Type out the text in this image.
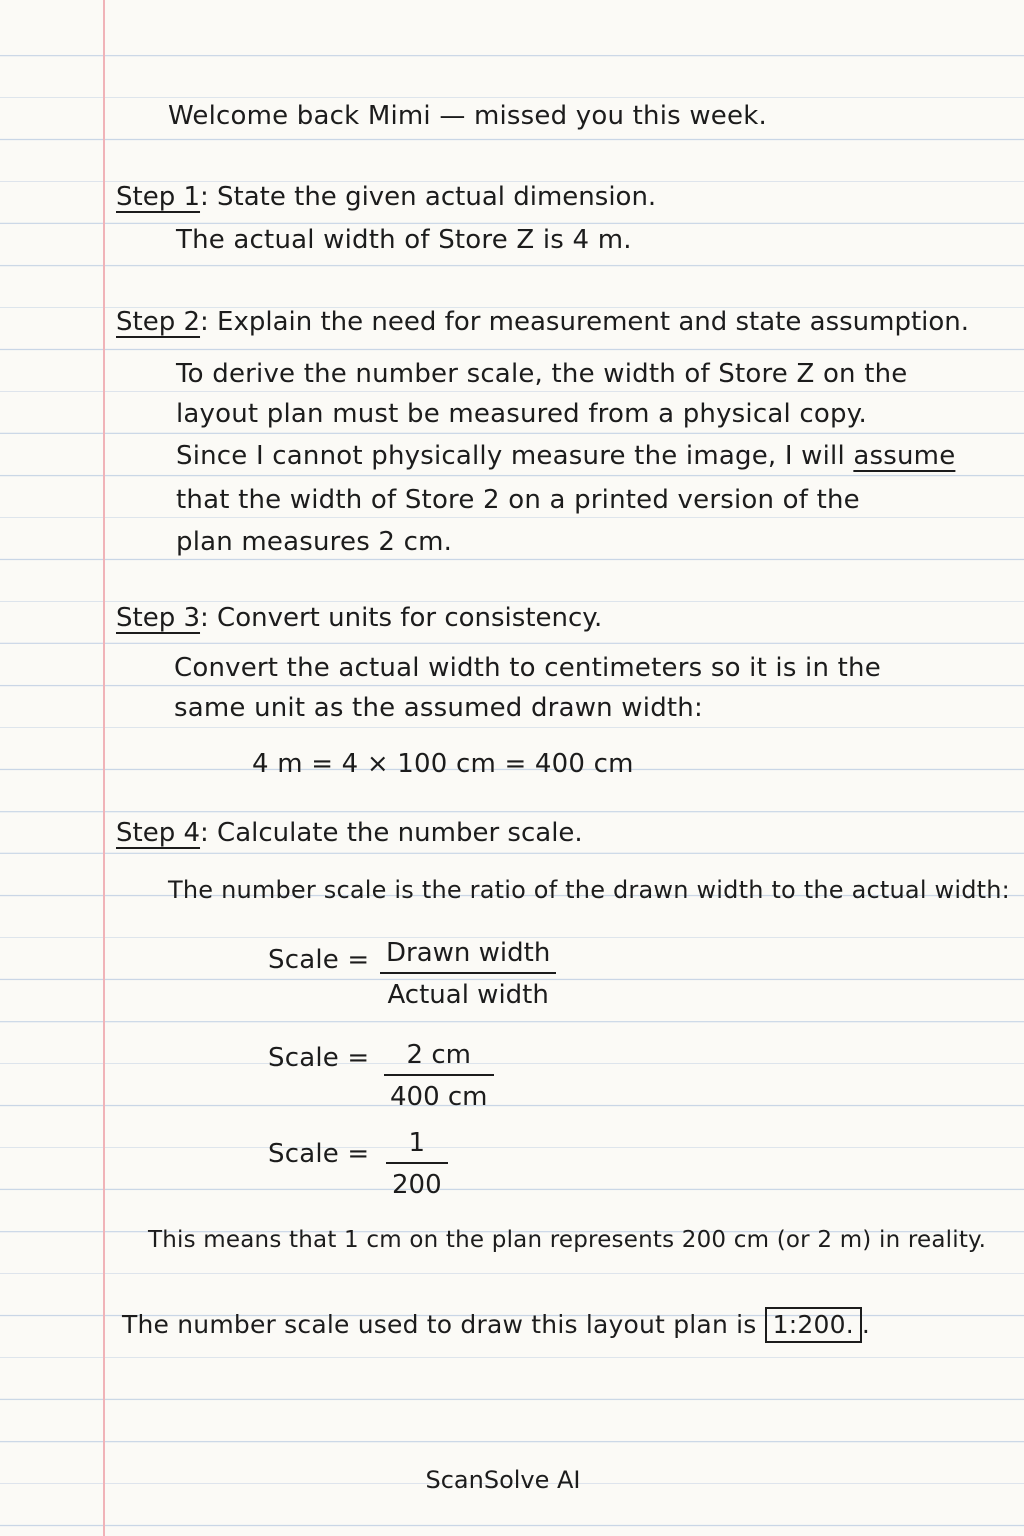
Welcome back Mimi — missed you this week.
Step 1: State the given actual dimension.
The actual width of Store Z is 4 m.
Step 2: Explain the need for measurement and state assumption.
To derive the number scale, the width of Store Z on the
layout plan must be measured from a physical copy.
Since I cannot physically measure the image, I will assume
that the width of Store 2 on a printed version of the
plan measures 2 cm.
Step 3: Convert units for consistency.
Convert the actual width to centimeters so it is in the
same unit as the assumed drawn width:
4 m = 4 × 100 cm = 400 cm
Step 4: Calculate the number scale.
The number scale is the ratio of the drawn width to the actual width:
Scale = Drawn width
Actual width
Scale = 2 cm
400 cm
Scale = 1
200
This means that 1 cm on the plan represents 200 cm (or 2 m) in reality.
The number scale used to draw this layout plan is 1:200. .
ScanSolve AI
